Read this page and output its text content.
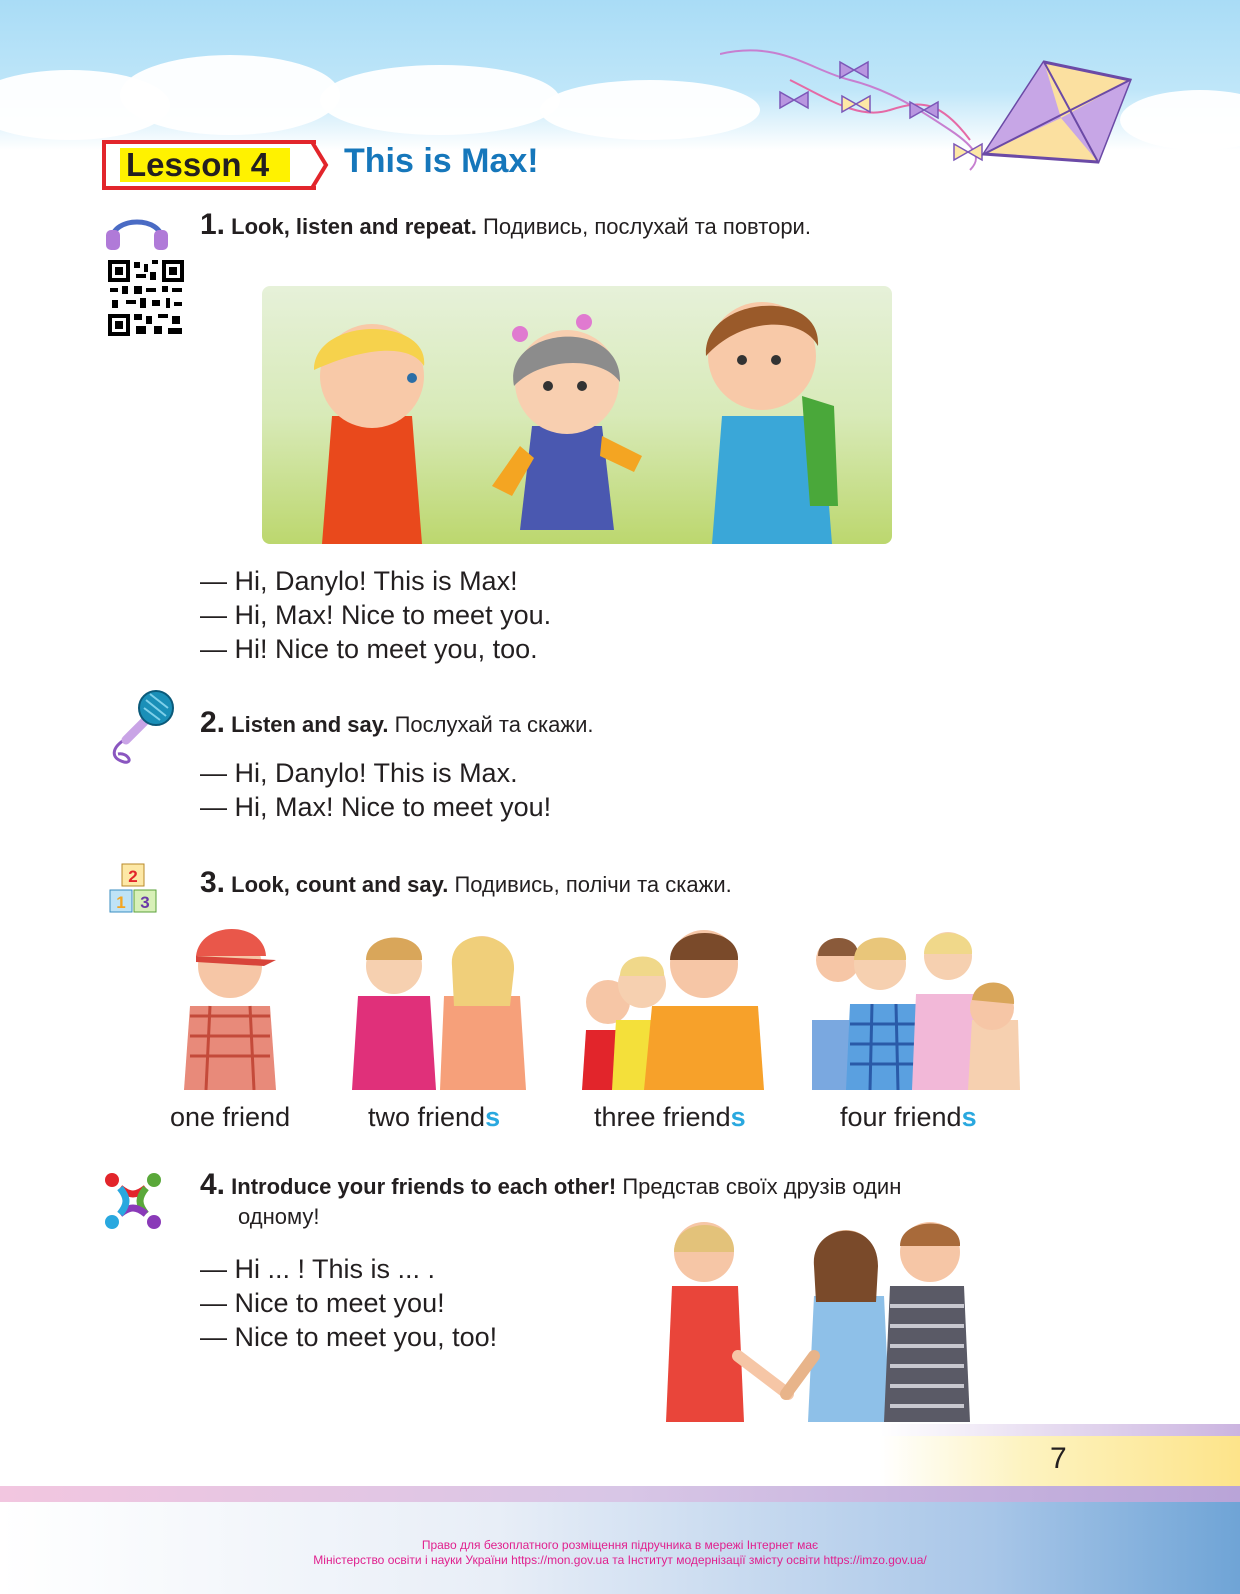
Lesson 4 This is Max!
1. Look, listen and repeat. Подивись, послухай та повтори.
— Hi, Danylo! This is Max!
— Hi, Max! Nice to meet you.
— Hi! Nice to meet you, too.
2. Listen and say. Послухай та скажи.
— Hi, Danylo! This is Max.
— Hi, Max! Nice to meet you!
2
1 3
3. Look, count and say. Подивись, полічи та скажи.
one friend	two friends	three friends	four friends
4. Introduce your friends to each other! Представ своїх друзів один
одному!
— Hi ... ! This is ... .
— Nice to meet you!
— Nice to meet you, too!
7
Право для безоплатного розміщення підручника в мережі Інтернет має
Міністерство освіти і науки України https://mon.gov.ua та Інститут модернізації змісту освіти https://imzo.gov.ua/
